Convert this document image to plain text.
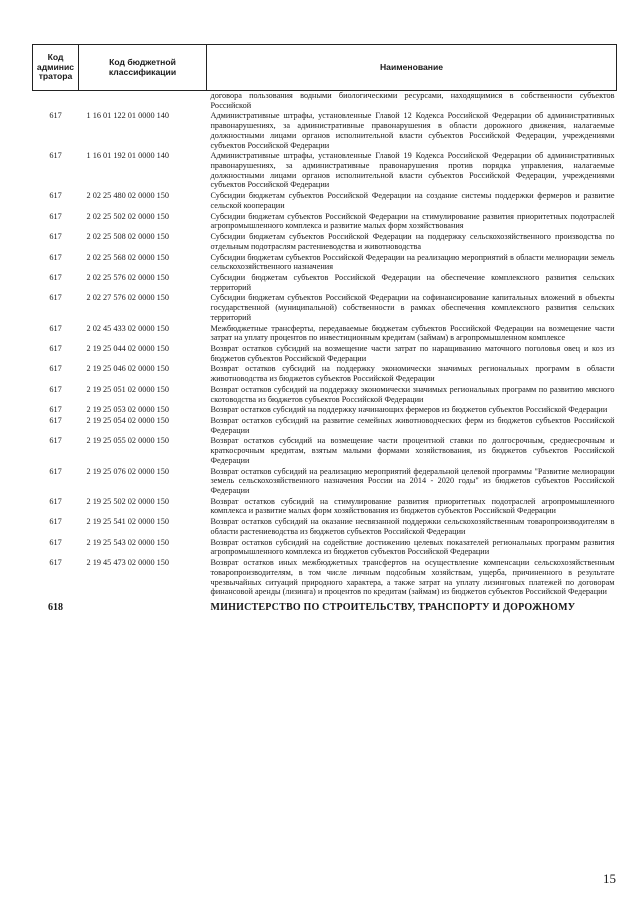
Код админис тратора	Код бюджетной классификации	Наименование
		договора пользования водными биологическими ресурсами, находящимися в собственности субъектов Российской
617	1 16 01 122 01 0000 140	Административные штрафы, установленные Главой 12 Кодекса Российской Федерации об административных правонарушениях, за административные правонарушения в области дорожного движения, налагаемые должностными лицами органов исполнительной власти субъектов Российской Федерации, учреждениями субъектов Российской Федерации
617	1 16 01 192 01 0000 140	Административные штрафы, установленные Главой 19 Кодекса Российской Федерации об административных правонарушениях, за административные правонарушения против порядка управления, налагаемые должностными лицами органов исполнительной власти субъектов Российской Федерации, учреждениями субъектов Российской Федерации
617	2 02 25 480 02 0000 150	Субсидии бюджетам субъектов Российской Федерации на создание системы поддержки фермеров и развитие сельской кооперации
617	2 02 25 502 02 0000 150	Субсидии бюджетам субъектов Российской Федерации на стимулирование развития приоритетных подотраслей агропромышленного комплекса и развитие малых форм хозяйствования
617	2 02 25 508 02 0000 150	Субсидии бюджетам субъектов Российской Федерации на поддержку сельскохозяйственного производства по отдельным подотраслям растениеводства и животноводства
617	2 02 25 568 02 0000 150	Субсидии бюджетам субъектов Российской Федерации на реализацию мероприятий в области мелиорации земель сельскохозяйственного назначения
617	2 02 25 576 02 0000 150	Субсидии бюджетам субъектов Российской Федерации на обеспечение комплексного развития сельских территорий
617	2 02 27 576 02 0000 150	Субсидии бюджетам субъектов Российской Федерации на софинансирование капитальных вложений в объекты государственной (муниципальной) собственности в рамках обеспечения комплексного развития сельских территорий
617	2 02 45 433 02 0000 150	Межбюджетные трансферты, передаваемые бюджетам субъектов Российской Федерации на возмещение части затрат на уплату процентов по инвестиционным кредитам (займам) в агропромышленном комплексе
617	2 19 25 044 02 0000 150	Возврат остатков субсидий на возмещение части затрат по наращиванию маточного поголовья овец и коз из бюджетов субъектов Российской Федерации
617	2 19 25 046 02 0000 150	Возврат остатков субсидий на поддержку экономически значимых региональных программ в области животноводства из бюджетов субъектов Российской Федерации
617	2 19 25 051 02 0000 150	Возврат остатков субсидий на поддержку экономически значимых региональных программ по развитию мясного скотоводства из бюджетов субъектов Российской Федерации
617	2 19 25 053 02 0000 150	Возврат остатков субсидий на поддержку начинающих фермеров из бюджетов субъектов Российской Федерации
617	2 19 25 054 02 0000 150	Возврат остатков субсидий на развитие семейных животноводческих ферм из бюджетов субъектов Российской Федерации
617	2 19 25 055 02 0000 150	Возврат остатков субсидий на возмещение части процентной ставки по долгосрочным, среднесрочным и краткосрочным кредитам, взятым малыми формами хозяйствования, из бюджетов субъектов Российской Федерации
617	2 19 25 076 02 0000 150	Возврат остатков субсидий на реализацию мероприятий федеральной целевой программы "Развитие мелиорации земель сельскохозяйственного назначения России на 2014 - 2020 годы" из бюджетов субъектов Российской Федерации
617	2 19 25 502 02 0000 150	Возврат остатков субсидий на стимулирование развития приоритетных подотраслей агропромышленного комплекса и развитие малых форм хозяйствования из бюджетов субъектов Российской Федерации
617	2 19 25 541 02 0000 150	Возврат остатков субсидий на оказание несвязанной поддержки сельскохозяйственным товаропроизводителям в области растениеводства из бюджетов субъектов Российской Федерации
617	2 19 25 543 02 0000 150	Возврат остатков субсидий на содействие достижению целевых показателей региональных программ развития агропромышленного комплекса из бюджетов субъектов Российской Федерации
617	2 19 45 473 02 0000 150	Возврат остатков иных межбюджетных трансфертов на осуществление компенсации сельскохозяйственным товаропроизводителям, в том числе личным подсобным хозяйствам, ущерба, причиненного в результате чрезвычайных ситуаций природного характера, а также затрат на уплату лизинговых платежей по договорам финансовой аренды (лизинга) и процентов по кредитам (займам) из бюджетов субъектов Российской Федерации
618		МИНИСТЕРСТВО ПО СТРОИТЕЛЬСТВУ, ТРАНСПОРТУ И ДОРОЖНОМУ
15
